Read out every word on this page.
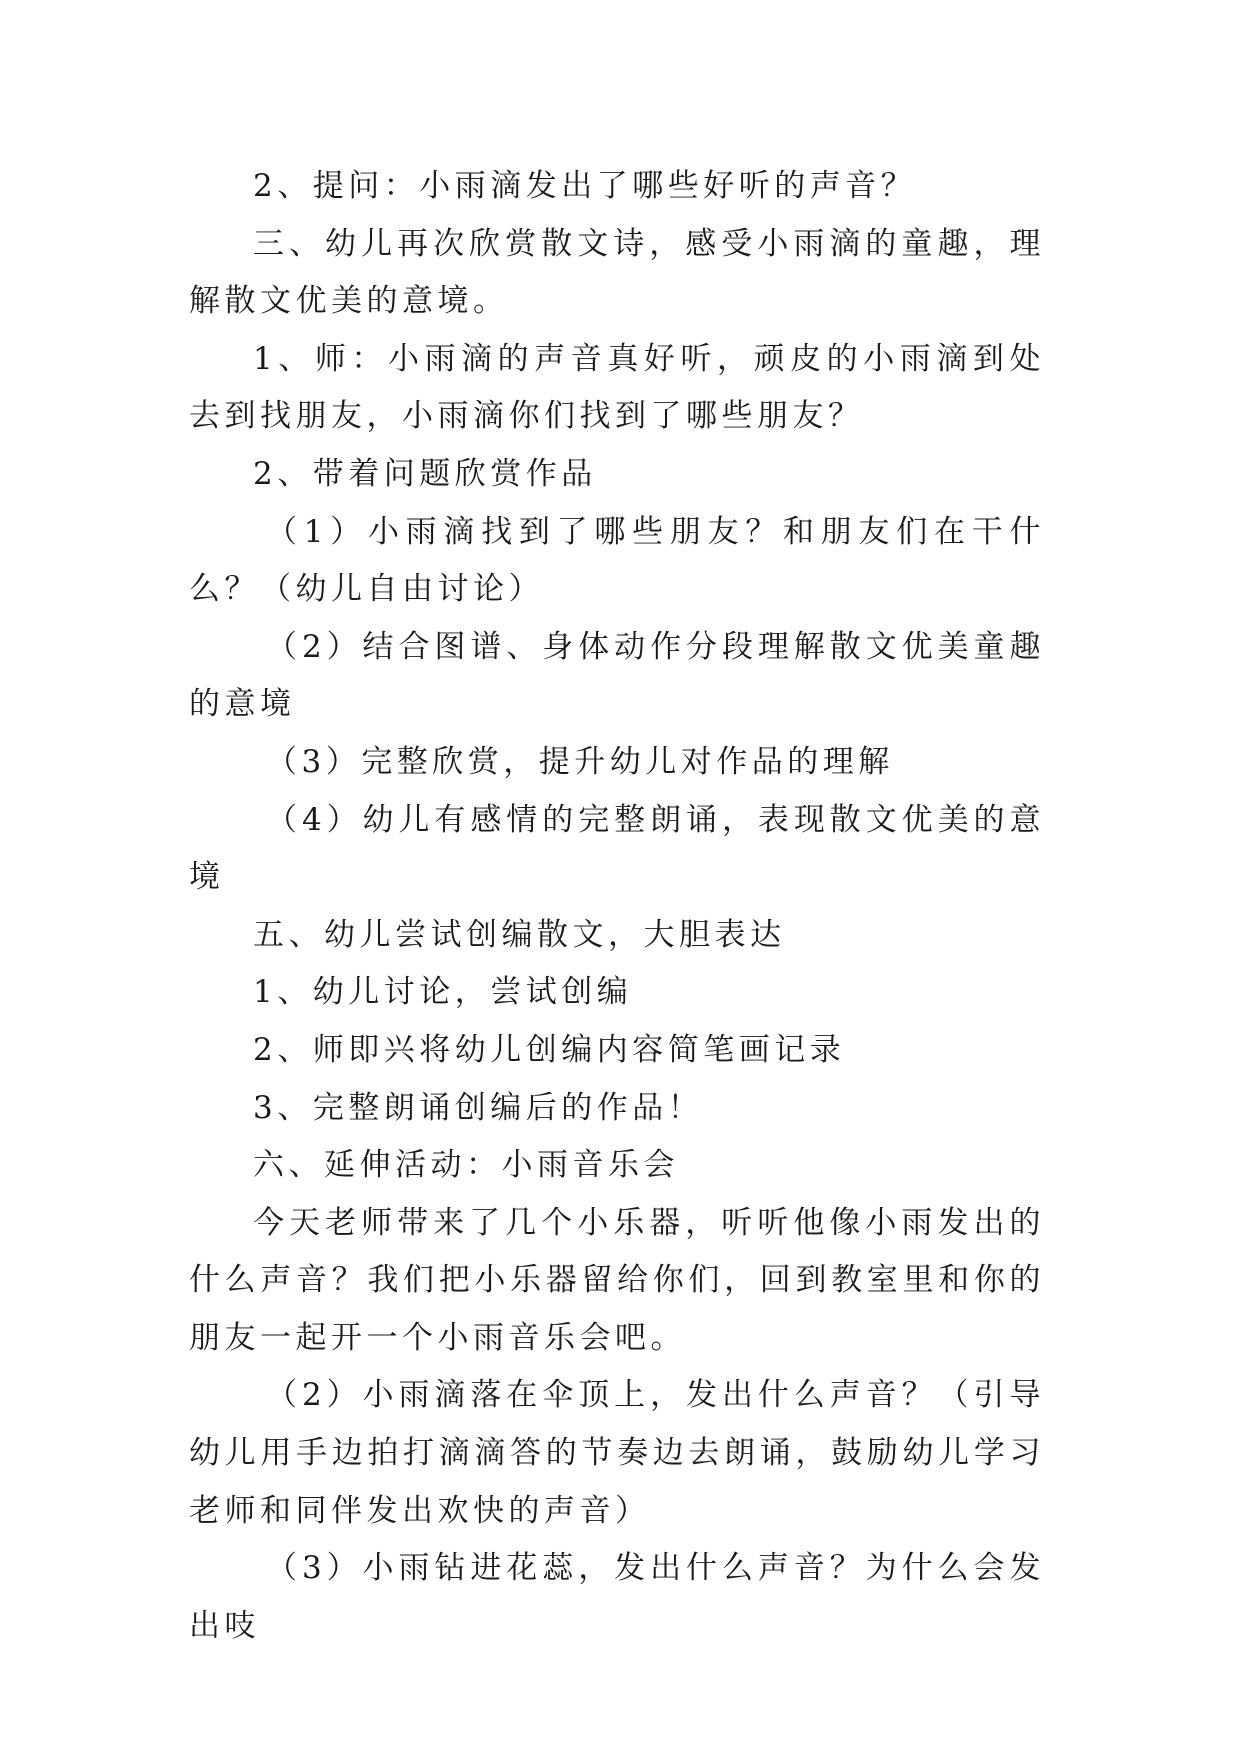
2、提问：小雨滴发出了哪些好听的声音？

三、幼儿再次欣赏散文诗，感受小雨滴的童趣，理解散文优美的意境。

1、师：小雨滴的声音真好听，顽皮的小雨滴到处去到找朋友，小雨滴你们找到了哪些朋友？

2、带着问题欣赏作品

（1）小雨滴找到了哪些朋友？和朋友们在干什么？（幼儿自由讨论）

（2）结合图谱、身体动作分段理解散文优美童趣的意境

（3）完整欣赏，提升幼儿对作品的理解

（4）幼儿有感情的完整朗诵，表现散文优美的意境

五、幼儿尝试创编散文，大胆表达

1、幼儿讨论，尝试创编

2、师即兴将幼儿创编内容简笔画记录

3、完整朗诵创编后的作品！

六、延伸活动：小雨音乐会

今天老师带来了几个小乐器，听听他像小雨发出的什么声音？我们把小乐器留给你们，回到教室里和你的朋友一起开一个小雨音乐会吧。

（2）小雨滴落在伞顶上，发出什么声音？（引导幼儿用手边拍打滴滴答的节奏边去朗诵，鼓励幼儿学习老师和同伴发出欢快的声音）

（3）小雨钻进花蕊，发出什么声音？为什么会发出吱
